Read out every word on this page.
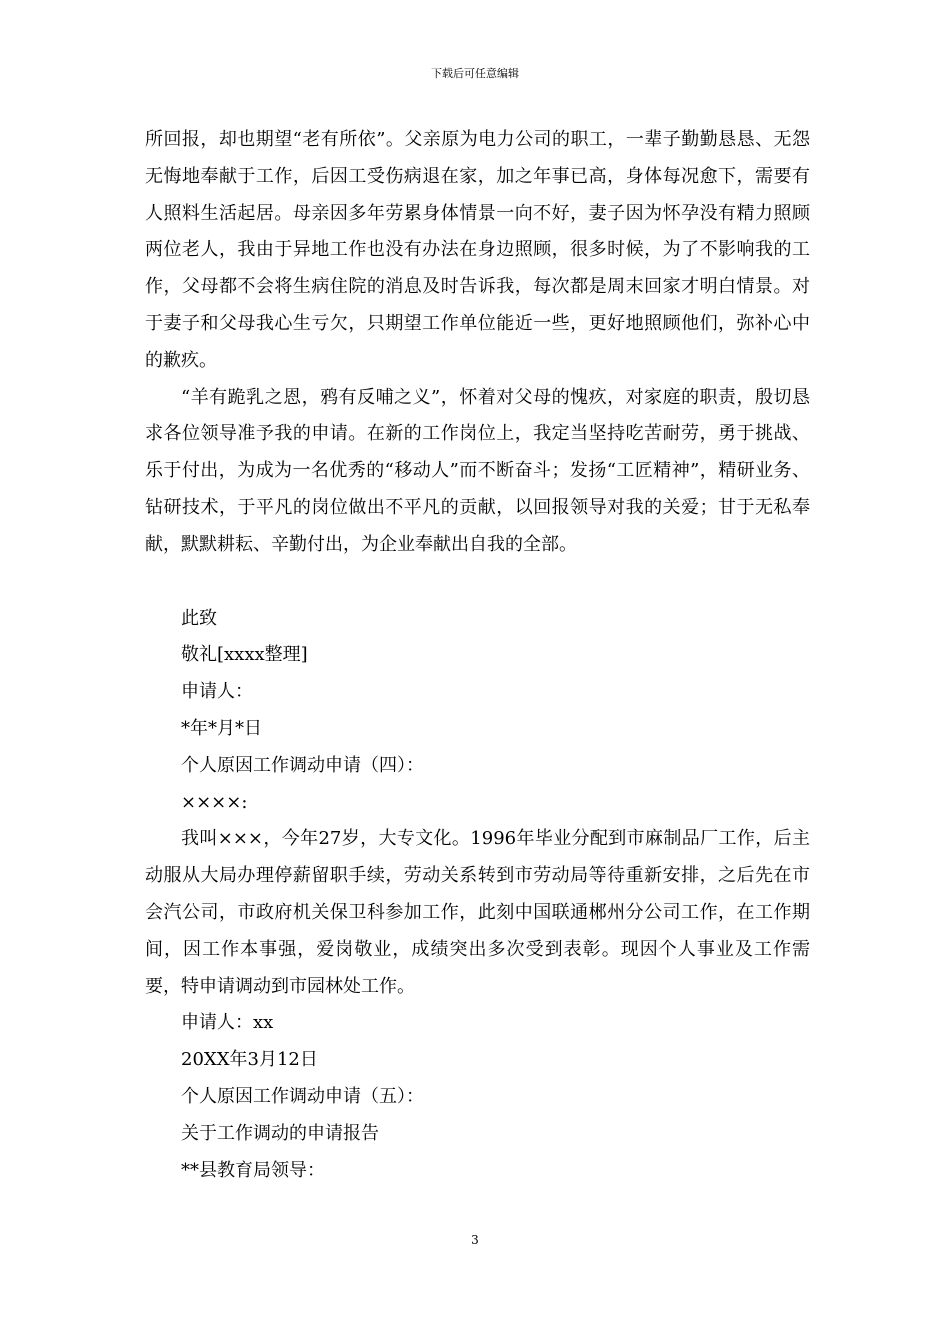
下载后可任意编辑

所回报，却也期望“老有所依”。父亲原为电力公司的职工，一辈子勤勤恳恳、无怨无悔地奉献于工作，后因工受伤病退在家，加之年事已高，身体每况愈下，需要有人照料生活起居。母亲因多年劳累身体情景一向不好，妻子因为怀孕没有精力照顾两位老人，我由于异地工作也没有办法在身边照顾，很多时候，为了不影响我的工作，父母都不会将生病住院的消息及时告诉我，每次都是周末回家才明白情景。对于妻子和父母我心生亏欠，只期望工作单位能近一些，更好地照顾他们，弥补心中的歉疚。

“羊有跪乳之恩，鸦有反哺之义”，怀着对父母的愧疚，对家庭的职责，殷切恳求各位领导准予我的申请。在新的工作岗位上，我定当坚持吃苦耐劳，勇于挑战、乐于付出，为成为一名优秀的“移动人”而不断奋斗；发扬“工匠精神”，精研业务、钻研技术，于平凡的岗位做出不平凡的贡献，以回报领导对我的关爱；甘于无私奉献，默默耕耘、辛勤付出，为企业奉献出自我的全部。

此致

敬礼[xxxx整理]

申请人：

*年*月*日

个人原因工作调动申请（四）：

××××:

我叫×××，今年27岁，大专文化。1996年毕业分配到市麻制品厂工作，后主动服从大局办理停薪留职手续，劳动关系转到市劳动局等待重新安排，之后先在市会汽公司，市政府机关保卫科参加工作，此刻中国联通郴州分公司工作，在工作期间，因工作本事强，爱岗敬业，成绩突出多次受到表彰。现因个人事业及工作需要，特申请调动到市园林处工作。

申请人：xx

20XX年3月12日

个人原因工作调动申请（五）：

关于工作调动的申请报告

**县教育局领导：

3
